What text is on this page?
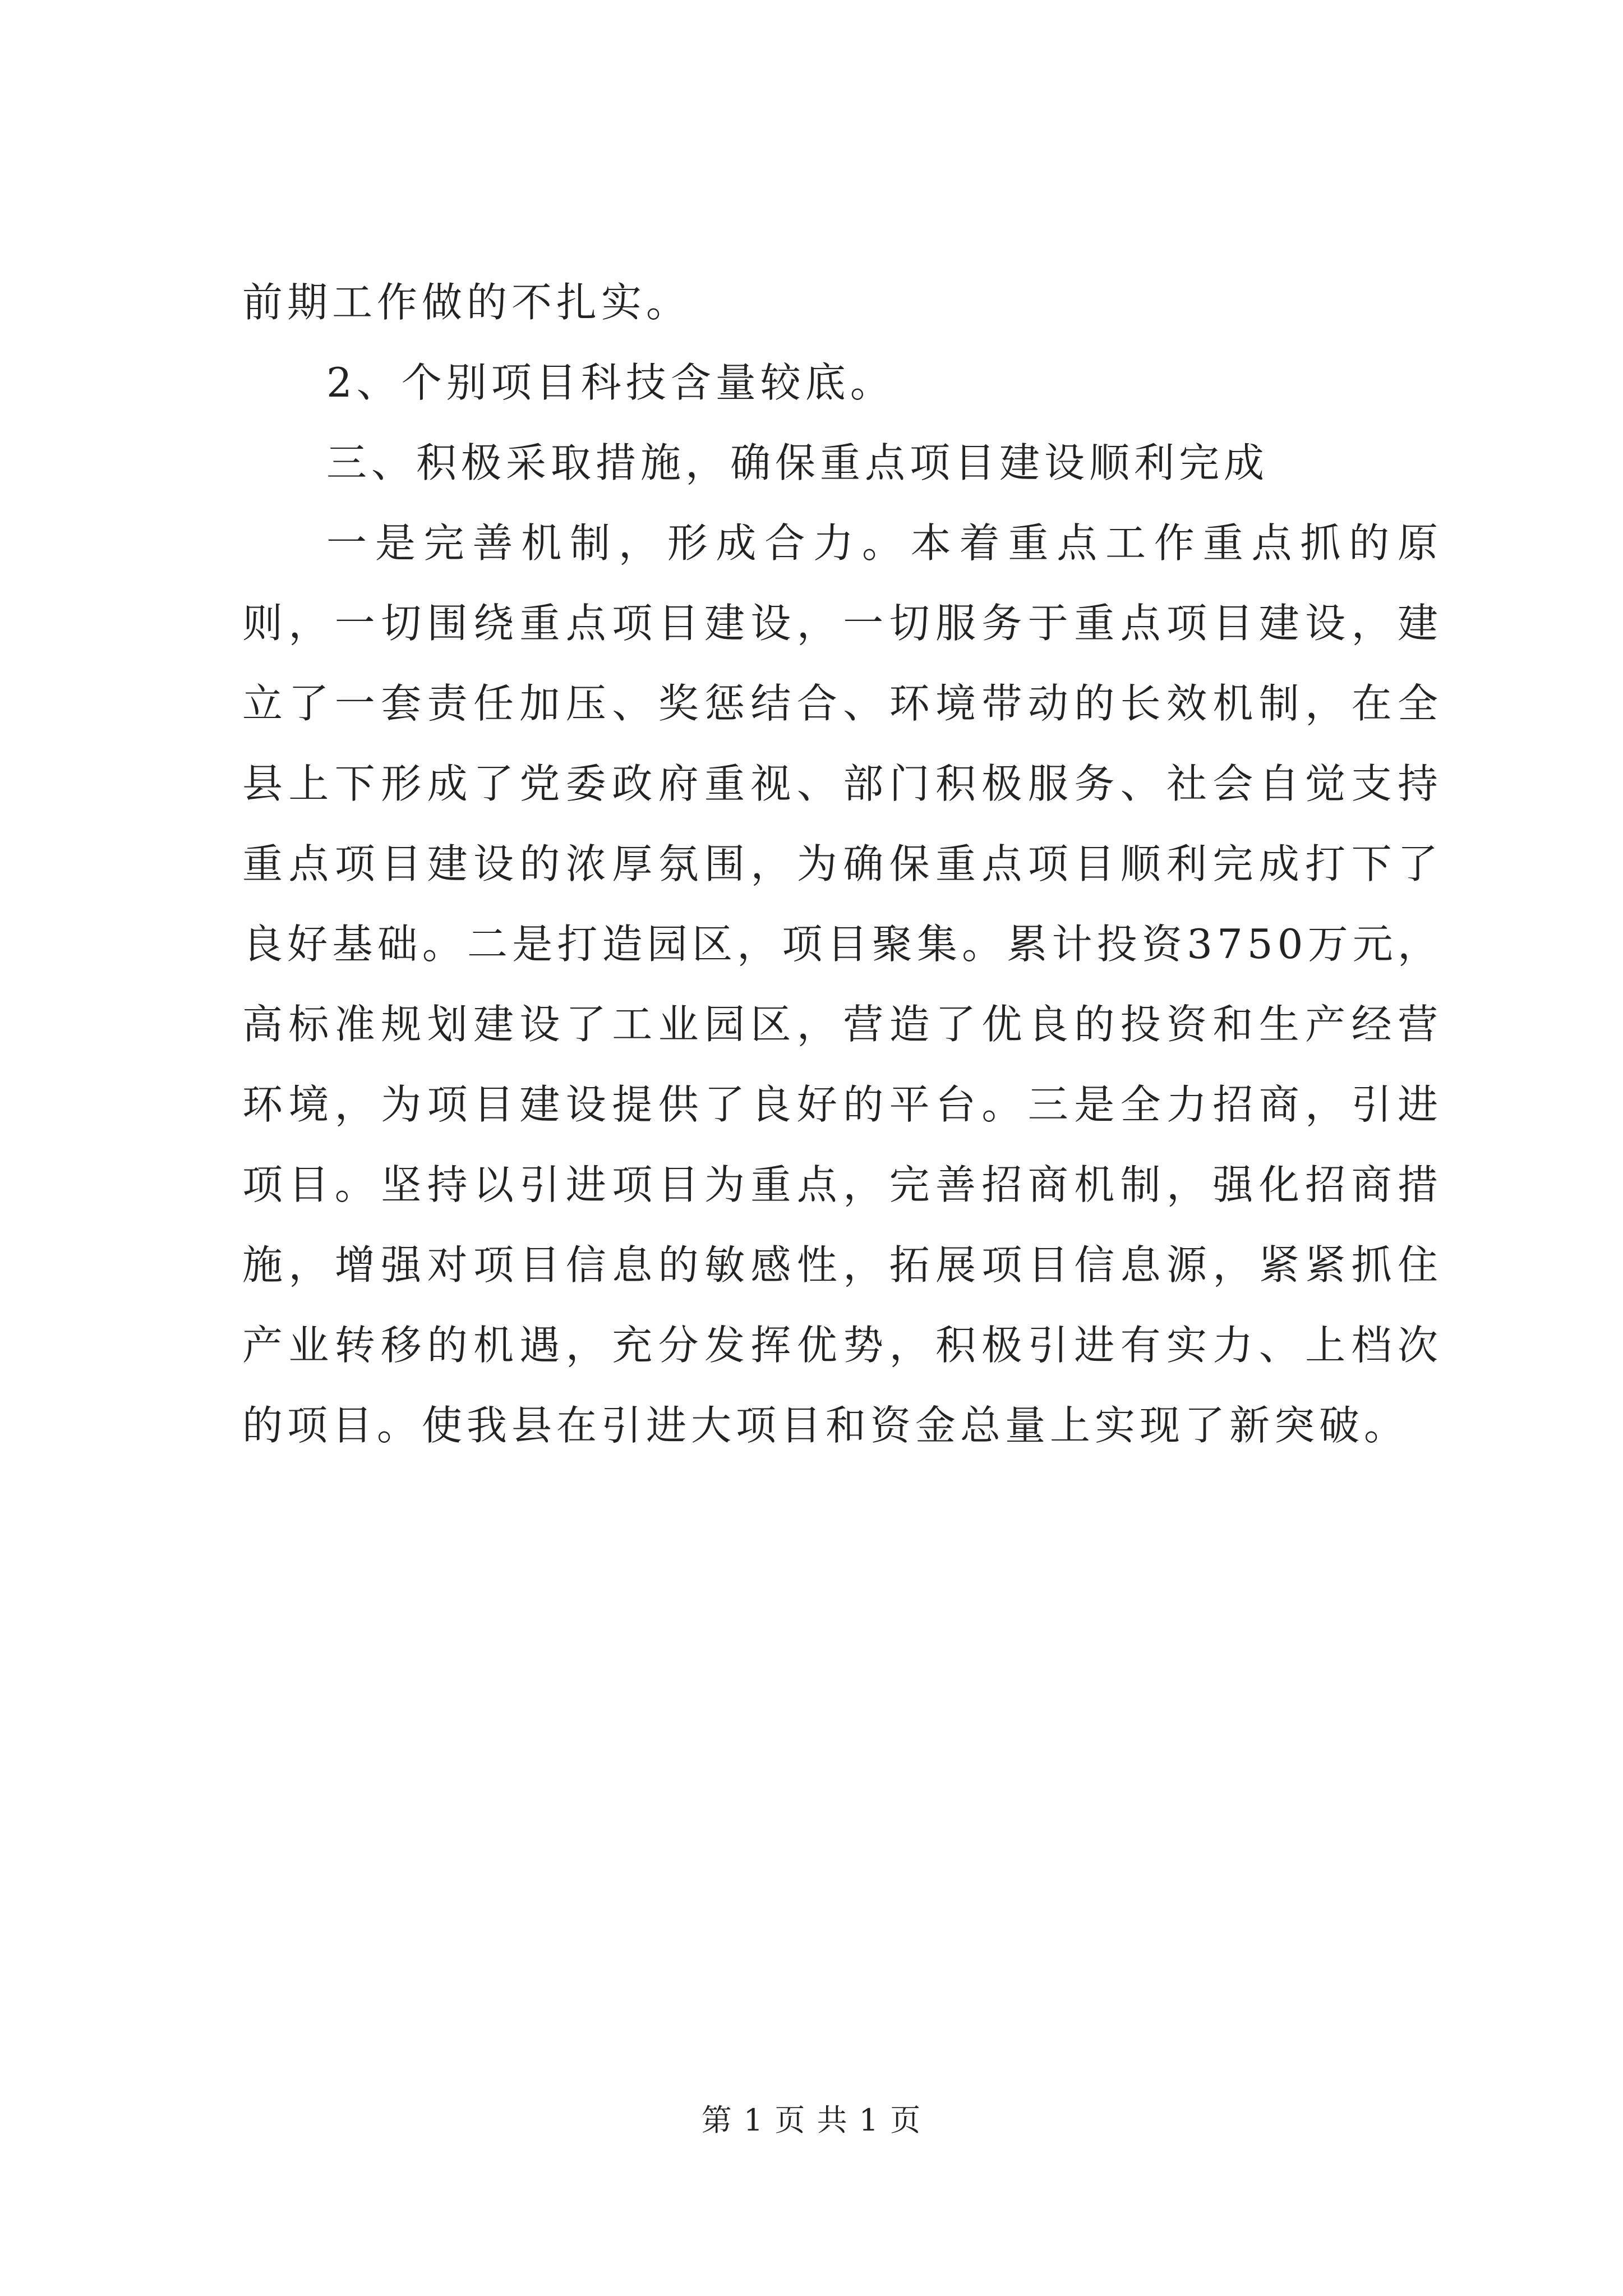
前期工作做的不扎实。

2、个别项目科技含量较底。

三、积极采取措施，确保重点项目建设顺利完成

一是完善机制，形成合力。本着重点工作重点抓的原则，一切围绕重点项目建设，一切服务于重点项目建设，建立了一套责任加压、奖惩结合、环境带动的长效机制，在全县上下形成了党委政府重视、部门积极服务、社会自觉支持重点项目建设的浓厚氛围，为确保重点项目顺利完成打下了良好基础。二是打造园区，项目聚集。累计投资3750万元，高标准规划建设了工业园区，营造了优良的投资和生产经营环境，为项目建设提供了良好的平台。三是全力招商，引进项目。坚持以引进项目为重点，完善招商机制，强化招商措施，增强对项目信息的敏感性，拓展项目信息源，紧紧抓住产业转移的机遇，充分发挥优势，积极引进有实力、上档次的项目。使我县在引进大项目和资金总量上实现了新突破。

第 1 页 共 1 页
